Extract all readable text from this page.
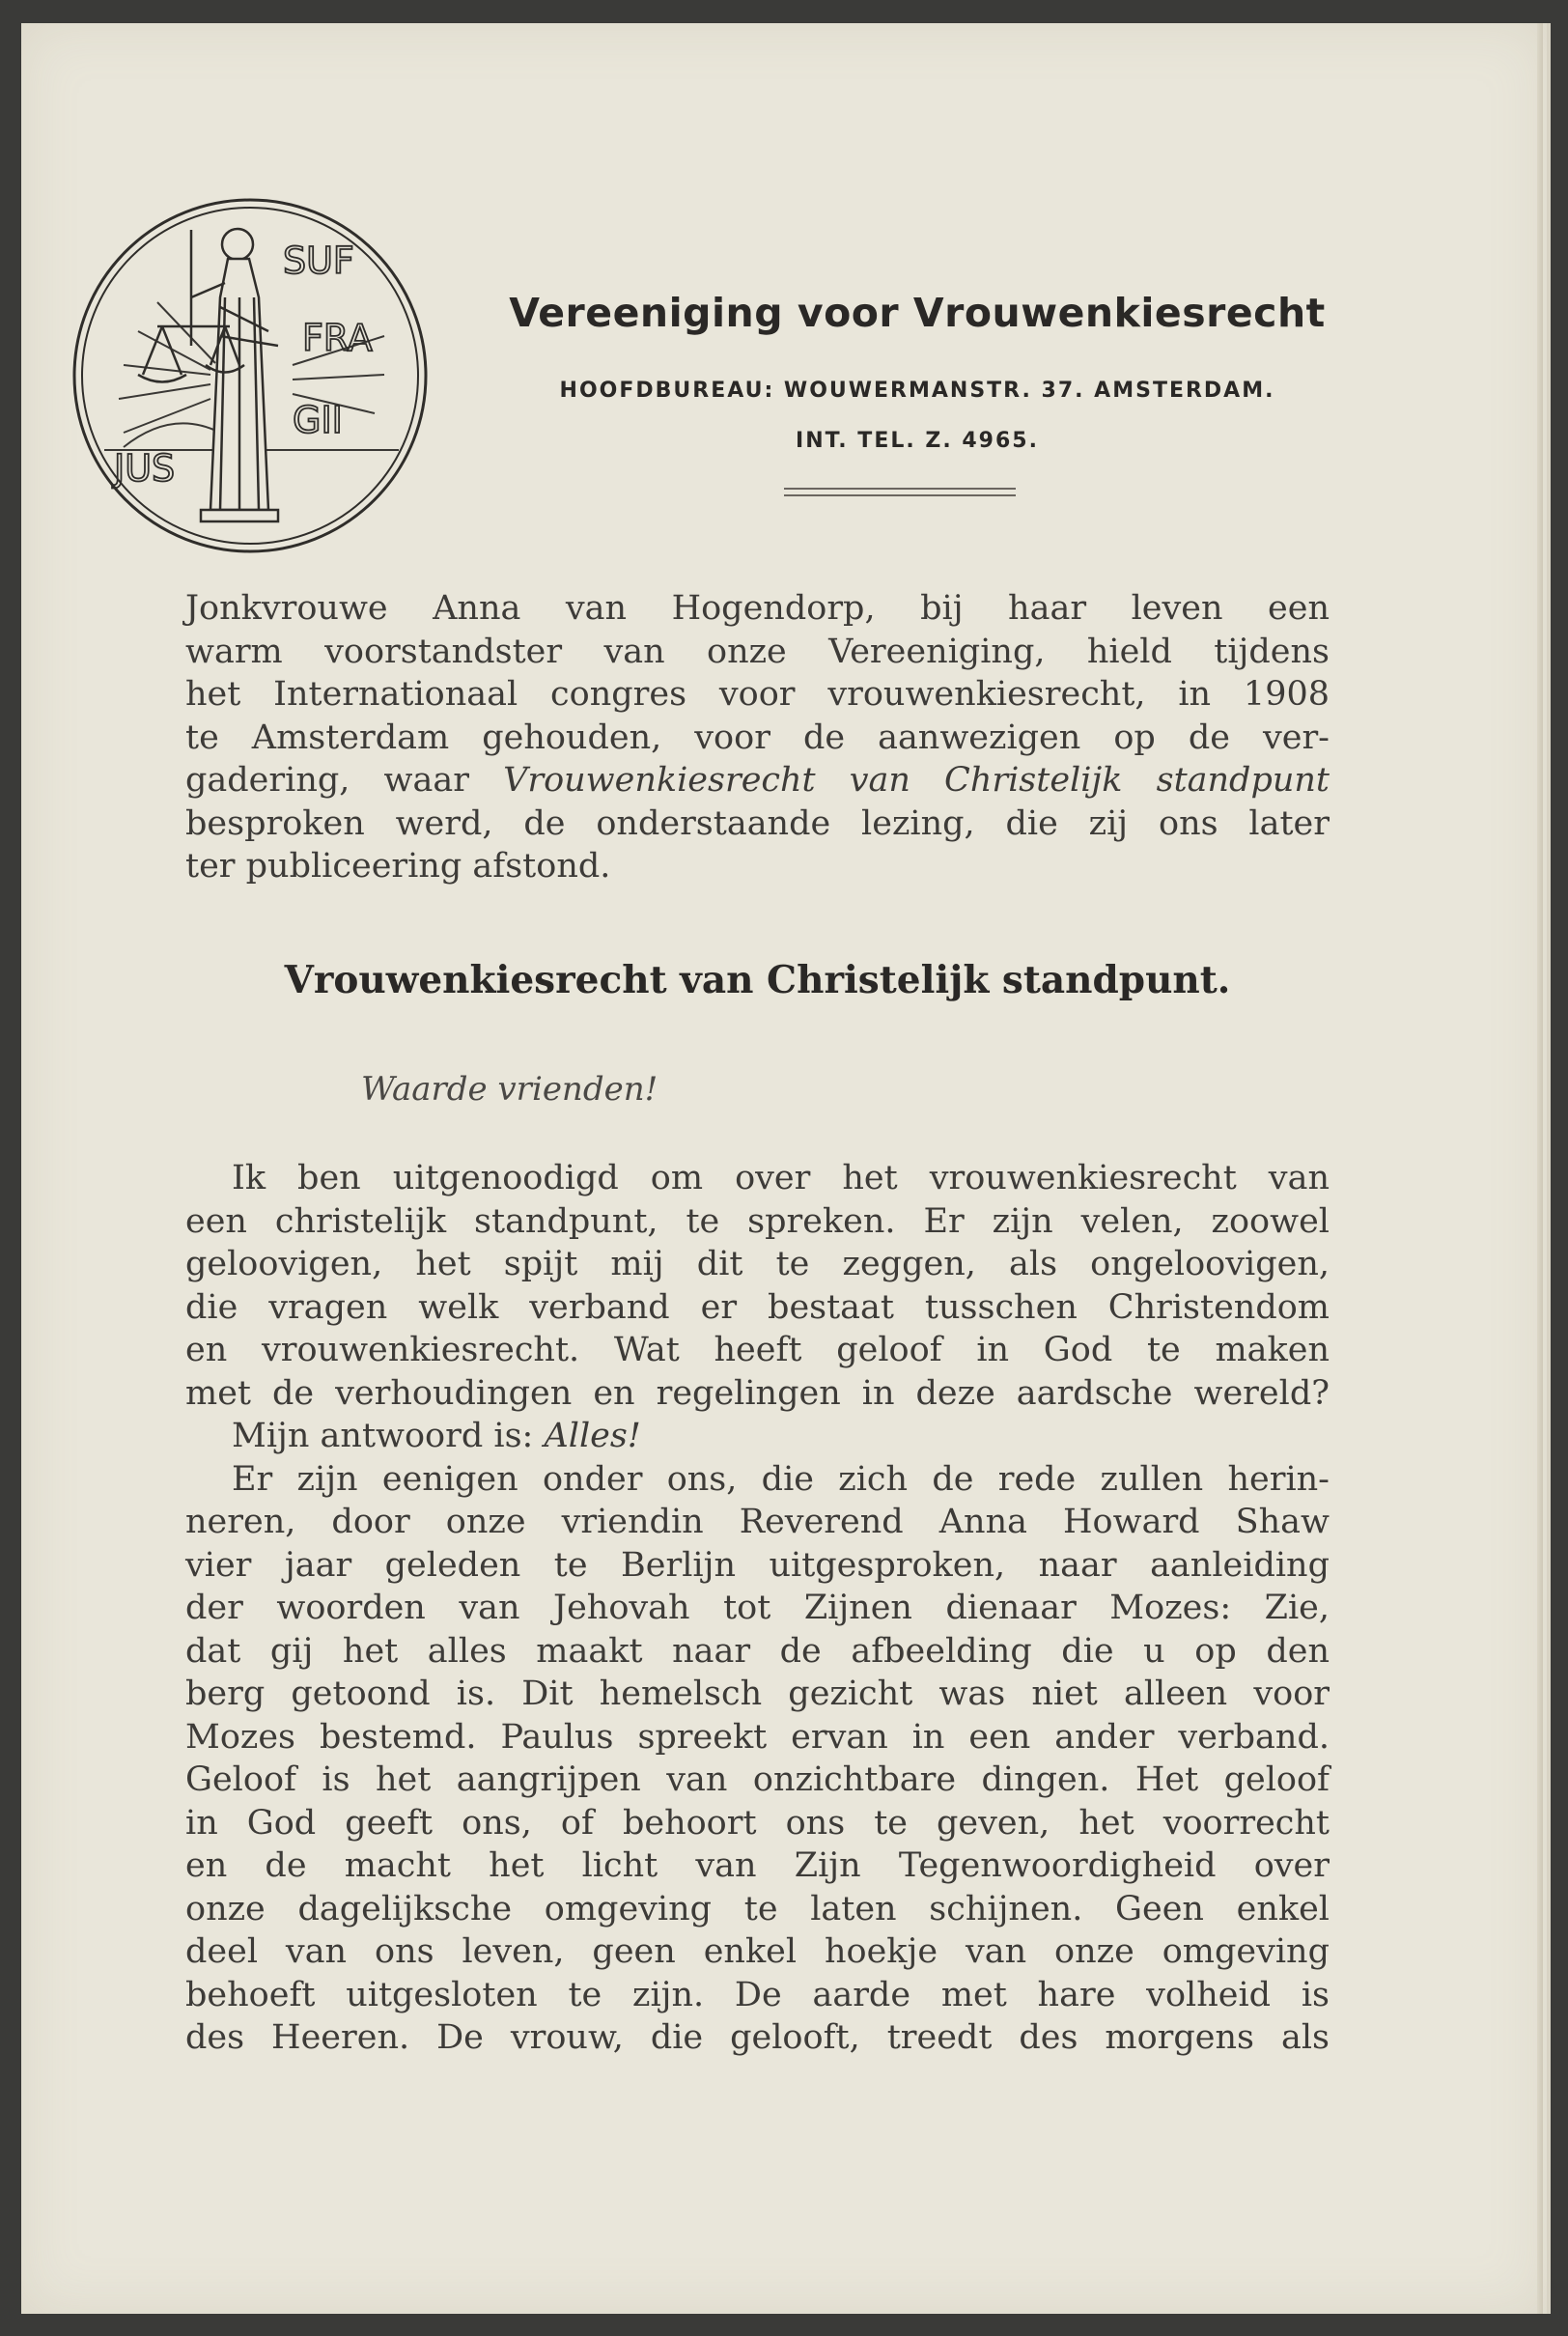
SUF
FRA
GII
JUS
Vereeniging voor Vrouwenkiesrecht
HOOFDBUREAU: WOUWERMANSTR. 37. AMSTERDAM.
INT. TEL. Z. 4965.

Jonkvrouwe Anna van Hogendorp, bij haar leven een
warm voorstandster van onze Vereeniging, hield tijdens
het Internationaal congres voor vrouwenkiesrecht, in 1908
te Amsterdam gehouden, voor de aanwezigen op de ver-
gadering, waar Vrouwenkiesrecht van Christelijk standpunt
besproken werd, de onderstaande lezing, die zij ons later
ter publiceering afstond.

Vrouwenkiesrecht van Christelijk standpunt.
Waarde vrienden!

Ik ben uitgenoodigd om over het vrouwenkiesrecht van
een christelijk standpunt, te spreken. Er zijn velen, zoowel
geloovigen, het spijt mij dit te zeggen, als ongeloovigen,
die vragen welk verband er bestaat tusschen Christendom
en vrouwenkiesrecht. Wat heeft geloof in God te maken
met de verhoudingen en regelingen in deze aardsche wereld?

Mijn antwoord is: Alles!

Er zijn eenigen onder ons, die zich de rede zullen herin-
neren, door onze vriendin Reverend Anna Howard Shaw
vier jaar geleden te Berlijn uitgesproken, naar aanleiding
der woorden van Jehovah tot Zijnen dienaar Mozes: Zie,
dat gij het alles maakt naar de afbeelding die u op den
berg getoond is. Dit hemelsch gezicht was niet alleen voor
Mozes bestemd. Paulus spreekt ervan in een ander verband.
Geloof is het aangrijpen van onzichtbare dingen. Het geloof
in God geeft ons, of behoort ons te geven, het voorrecht
en de macht het licht van Zijn Tegenwoordigheid over
onze dagelijksche omgeving te laten schijnen. Geen enkel
deel van ons leven, geen enkel hoekje van onze omgeving
behoeft uitgesloten te zijn. De aarde met hare volheid is
des Heeren. De vrouw, die gelooft, treedt des morgens als
